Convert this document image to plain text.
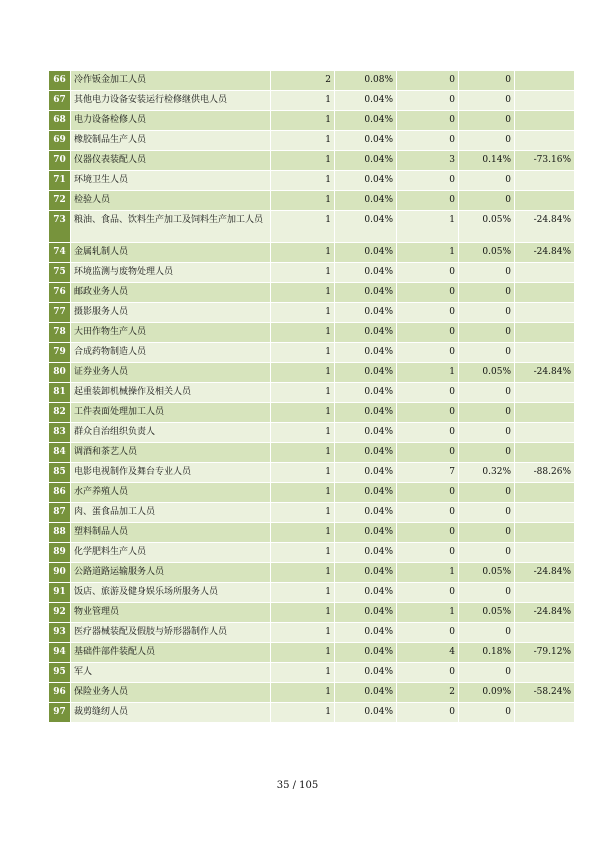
66	冷作钣金加工人员	2	0.08%	0	0	
67	其他电力设备安装运行检修继供电人员	1	0.04%	0	0	
68	电力设备检修人员	1	0.04%	0	0	
69	橡胶制品生产人员	1	0.04%	0	0	
70	仪器仪表装配人员	1	0.04%	3	0.14%	-73.16%
71	环境卫生人员	1	0.04%	0	0	
72	检验人员	1	0.04%	0	0	
73	粮油、食品、饮料生产加工及饲料生产加工人员	1	0.04%	1	0.05%	-24.84%
74	金属轧制人员	1	0.04%	1	0.05%	-24.84%
75	环境监测与废物处理人员	1	0.04%	0	0	
76	邮政业务人员	1	0.04%	0	0	
77	摄影服务人员	1	0.04%	0	0	
78	大田作物生产人员	1	0.04%	0	0	
79	合成药物制造人员	1	0.04%	0	0	
80	证券业务人员	1	0.04%	1	0.05%	-24.84%
81	起重装卸机械操作及相关人员	1	0.04%	0	0	
82	工件表面处理加工人员	1	0.04%	0	0	
83	群众自治组织负责人	1	0.04%	0	0	
84	调酒和茶艺人员	1	0.04%	0	0	
85	电影电视制作及舞台专业人员	1	0.04%	7	0.32%	-88.26%
86	水产养殖人员	1	0.04%	0	0	
87	肉、蛋食品加工人员	1	0.04%	0	0	
88	塑料制品人员	1	0.04%	0	0	
89	化学肥料生产人员	1	0.04%	0	0	
90	公路道路运输服务人员	1	0.04%	1	0.05%	-24.84%
91	饭店、旅游及健身娱乐场所服务人员	1	0.04%	0	0	
92	物业管理员	1	0.04%	1	0.05%	-24.84%
93	医疗器械装配及假肢与矫形器制作人员	1	0.04%	0	0	
94	基础件部件装配人员	1	0.04%	4	0.18%	-79.12%
95	军人	1	0.04%	0	0	
96	保险业务人员	1	0.04%	2	0.09%	-58.24%
97	裁剪缝纫人员	1	0.04%	0	0	
35 / 105
